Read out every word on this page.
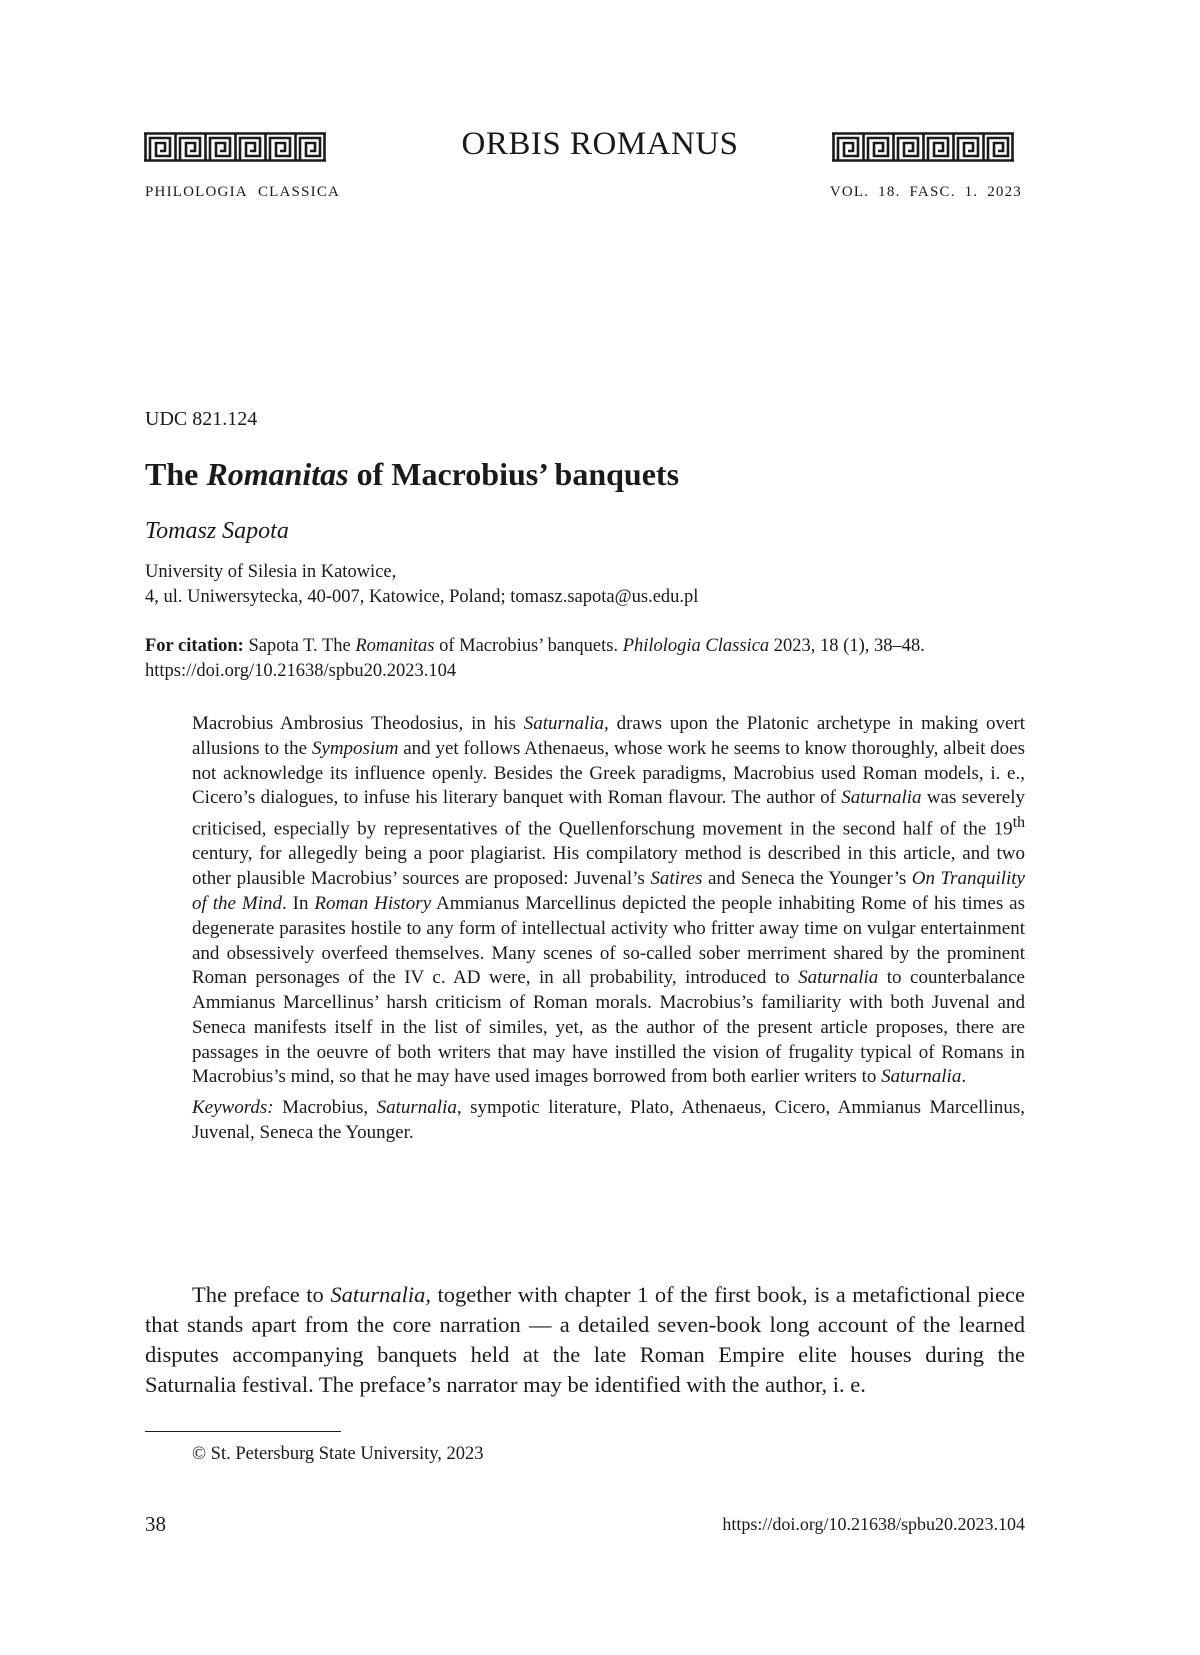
ORBIS ROMANUS
PHILOLOGIA CLASSICA	VOL. 18. FASC. 1. 2023
UDC 821.124
The Romanitas of Macrobius’ banquets
Tomasz Sapota
University of Silesia in Katowice,
4, ul. Uniwersytecka, 40-007, Katowice, Poland; tomasz.sapota@us.edu.pl
For citation: Sapota T. The Romanitas of Macrobius’ banquets. Philologia Classica 2023, 18 (1), 38–48.
https://doi.org/10.21638/spbu20.2023.104

Macrobius Ambrosius Theodosius, in his Saturnalia, draws upon the Platonic archetype in making overt allusions to the Symposium and yet follows Athenaeus, whose work he seems to know thoroughly, albeit does not acknowledge its influence openly. Besides the Greek paradigms, Macrobius used Roman models, i. e., Cicero’s dialogues, to infuse his literary banquet with Roman flavour. The author of Saturnalia was severely criticised, especially by representatives of the Quellenforschung movement in the second half of the 19th century, for allegedly being a poor plagiarist. His compilatory method is described in this article, and two other plausible Macrobius’ sources are proposed: Juvenal’s Satires and Seneca the Younger’s On Tranquility of the Mind. In Roman History Ammianus Marcellinus depicted the people inhabiting Rome of his times as degenerate parasites hostile to any form of intellectual activity who fritter away time on vulgar entertainment and obsessively overfeed themselves. Many scenes of so-called sober merriment shared by the prominent Roman personages of the IV c. AD were, in all probability, introduced to Saturnalia to counterbalance Ammianus Marcellinus’ harsh criticism of Roman morals. Macrobius’s familiarity with both Juvenal and Seneca manifests itself in the list of similes, yet, as the author of the present article proposes, there are passages in the oeuvre of both writers that may have instilled the vision of frugality typical of Romans in Macrobius’s mind, so that he may have used images borrowed from both earlier writers to Saturnalia.

Keywords: Macrobius, Saturnalia, sympotic literature, Plato, Athenaeus, Cicero, Ammianus Marcellinus, Juvenal, Seneca the Younger.

The preface to Saturnalia, together with chapter 1 of the first book, is a metafictional piece that stands apart from the core narration — a detailed seven-book long account of the learned disputes accompanying banquets held at the late Roman Empire elite houses during the Saturnalia festival. The preface’s narrator may be identified with the author, i. e.

© St. Petersburg State University, 2023
38	https://doi.org/10.21638/spbu20.2023.104
